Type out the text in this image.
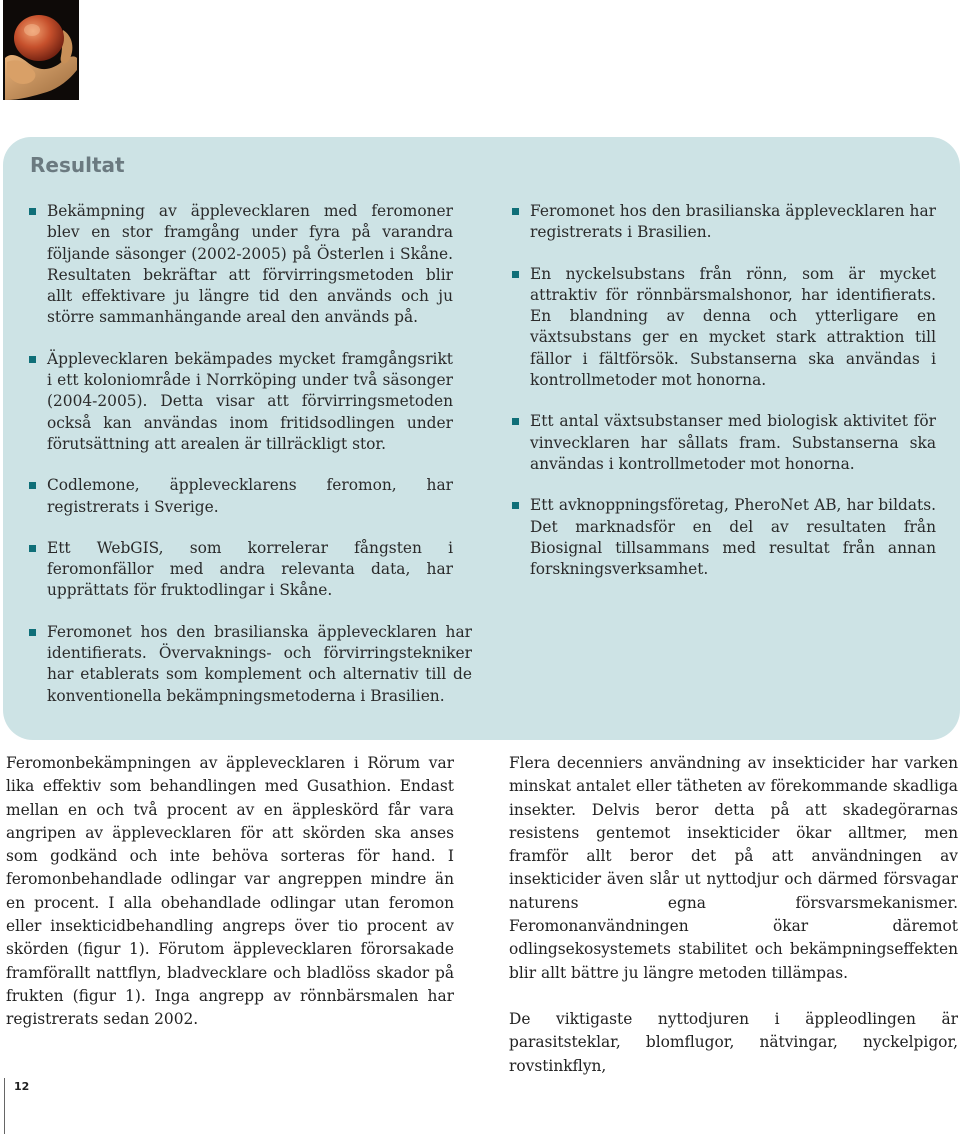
Resultat
Bekämpning av äpplevecklaren med feromoner blev en stor framgång under fyra på varandra följande säsonger (2002-2005) på Österlen i Skåne. Resultaten bekräftar att förvirringsmetoden blir allt effektivare ju längre tid den används och ju större sammanhängande areal den används på.
Äpplevecklaren bekämpades mycket framgångsrikt i ett koloniområde i Norrköping under två säsonger (2004-2005). Detta visar att förvirringsmetoden också kan användas inom fritidsodlingen under förutsättning att arealen är tillräckligt stor.
Codlemone, äpplevecklarens feromon, har registrerats i Sverige.
Ett WebGIS, som korrelerar fångsten i feromonfällor med andra relevanta data, har upprättats för fruktodlingar i Skåne.
Feromonet hos den brasilianska äpplevecklaren har identifierats. Övervaknings- och förvirringstekniker har etablerats som komplement och alternativ till de konventionella bekämpningsmetoderna i Brasilien.
Feromonet hos den brasilianska äpplevecklaren har registrerats i Brasilien.
En nyckelsubstans från rönn, som är mycket attraktiv för rönnbärsmalshonor, har identifierats. En blandning av denna och ytterligare en växtsubstans ger en mycket stark attraktion till fällor i fältförsök. Substanserna ska användas i kontrollmetoder mot honorna.
Ett antal växtsubstanser med biologisk aktivitet för vinvecklaren har sållats fram. Substanserna ska användas i kontrollmetoder mot honorna.
Ett avknoppningsföretag, PheroNet AB, har bildats. Det marknadsför en del av resultaten från Biosignal tillsammans med resultat från annan forskningsverksamhet.

Feromonbekämpningen av äpplevecklaren i Rörum var lika effektiv som behandlingen med Gusathion. Endast mellan en och två procent av en äppleskörd får vara angripen av äpplevecklaren för att skörden ska anses som godkänd och inte behöva sorteras för hand. I feromonbehandlade odlingar var angreppen mindre än en procent. I alla obehandlade odlingar utan feromon eller insekticidbehandling angreps över tio procent av skörden (figur 1). Förutom äpplevecklaren förorsakade framförallt nattflyn, bladvecklare och bladlöss skador på frukten (figur 1). Inga angrepp av rönnbärsmalen har registrerats sedan 2002.

Flera decenniers användning av insekticider har varken minskat antalet eller tätheten av förekommande skadliga insekter. Delvis beror detta på att skadegörarnas resistens gentemot insekticider ökar alltmer, men framför allt beror det på att användningen av insekticider även slår ut nyttodjur och därmed försvagar naturens egna försvarsmekanismer. Feromonanvändningen ökar däremot odlingsekosystemets stabilitet och bekämpningseffekten blir allt bättre ju längre metoden tillämpas.

De viktigaste nyttodjuren i äppleodlingen är parasitsteklar, blomflugor, nätvingar, nyckelpigor, rovstinkflyn,

12
